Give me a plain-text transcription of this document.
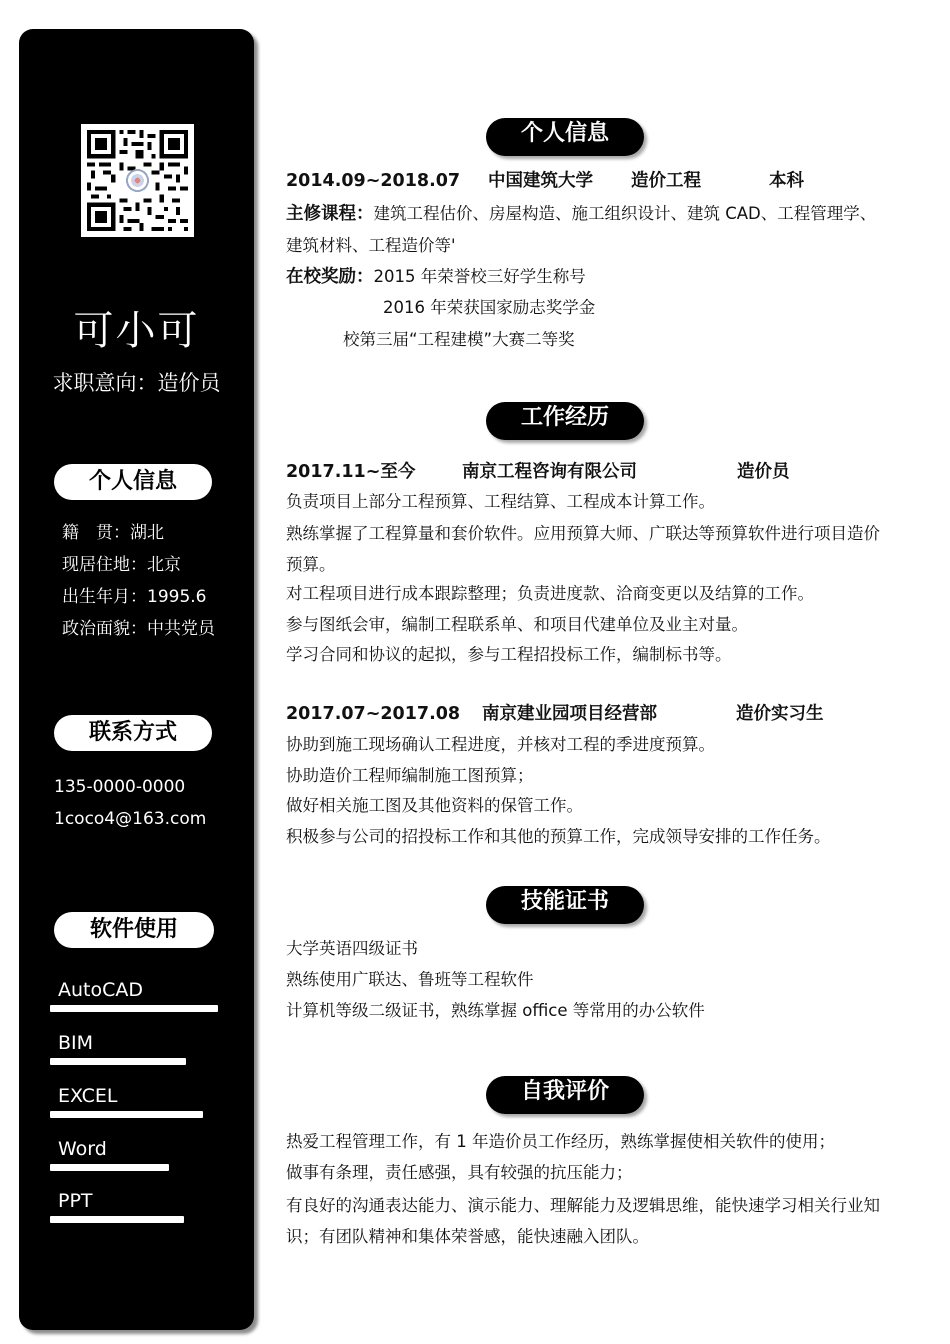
可小可
求职意向：造价员
个人信息
籍　贯：湖北
现居住地：北京
出生年月：1995.6
政治面貌：中共党员
联系方式
135-0000-0000
1coco4@163.com
软件使用
AutoCAD
BIM
EXCEL
Word
PPT
个人信息
2014.09~2018.07 中国建筑大学 造价工程	本科
主修课程：建筑工程估价、房屋构造、施工组织设计、建筑 CAD、工程管理学、建筑材料、工程造价等'
在校奖励：2015 年荣誉校三好学生称号
2016 年荣获国家励志奖学金
校第三届“工程建模”大赛二等奖
工作经历
2017.11~至今	南京工程咨询有限公司	造价员
负责项目上部分工程预算、工程结算、工程成本计算工作。
熟练掌握了工程算量和套价软件。应用预算大师、广联达等预算软件进行项目造价预算。
对工程项目进行成本跟踪整理；负责进度款、洽商变更以及结算的工作。
参与图纸会审，编制工程联系单、和项目代建单位及业主对量。
学习合同和协议的起拟，参与工程招投标工作，编制标书等。
2017.07~2017.08 南京建业园项目经营部	造价实习生
协助到施工现场确认工程进度，并核对工程的季进度预算。
协助造价工程师编制施工图预算；
做好相关施工图及其他资料的保管工作。
积极参与公司的招投标工作和其他的预算工作，完成领导安排的工作任务。
技能证书
大学英语四级证书
熟练使用广联达、鲁班等工程软件
计算机等级二级证书，熟练掌握 office 等常用的办公软件
自我评价
热爱工程管理工作，有 1 年造价员工作经历，熟练掌握使相关软件的使用；
做事有条理，责任感强，具有较强的抗压能力；
有良好的沟通表达能力、演示能力、理解能力及逻辑思维，能快速学习相关行业知识；有团队精神和集体荣誉感，能快速融入团队。
